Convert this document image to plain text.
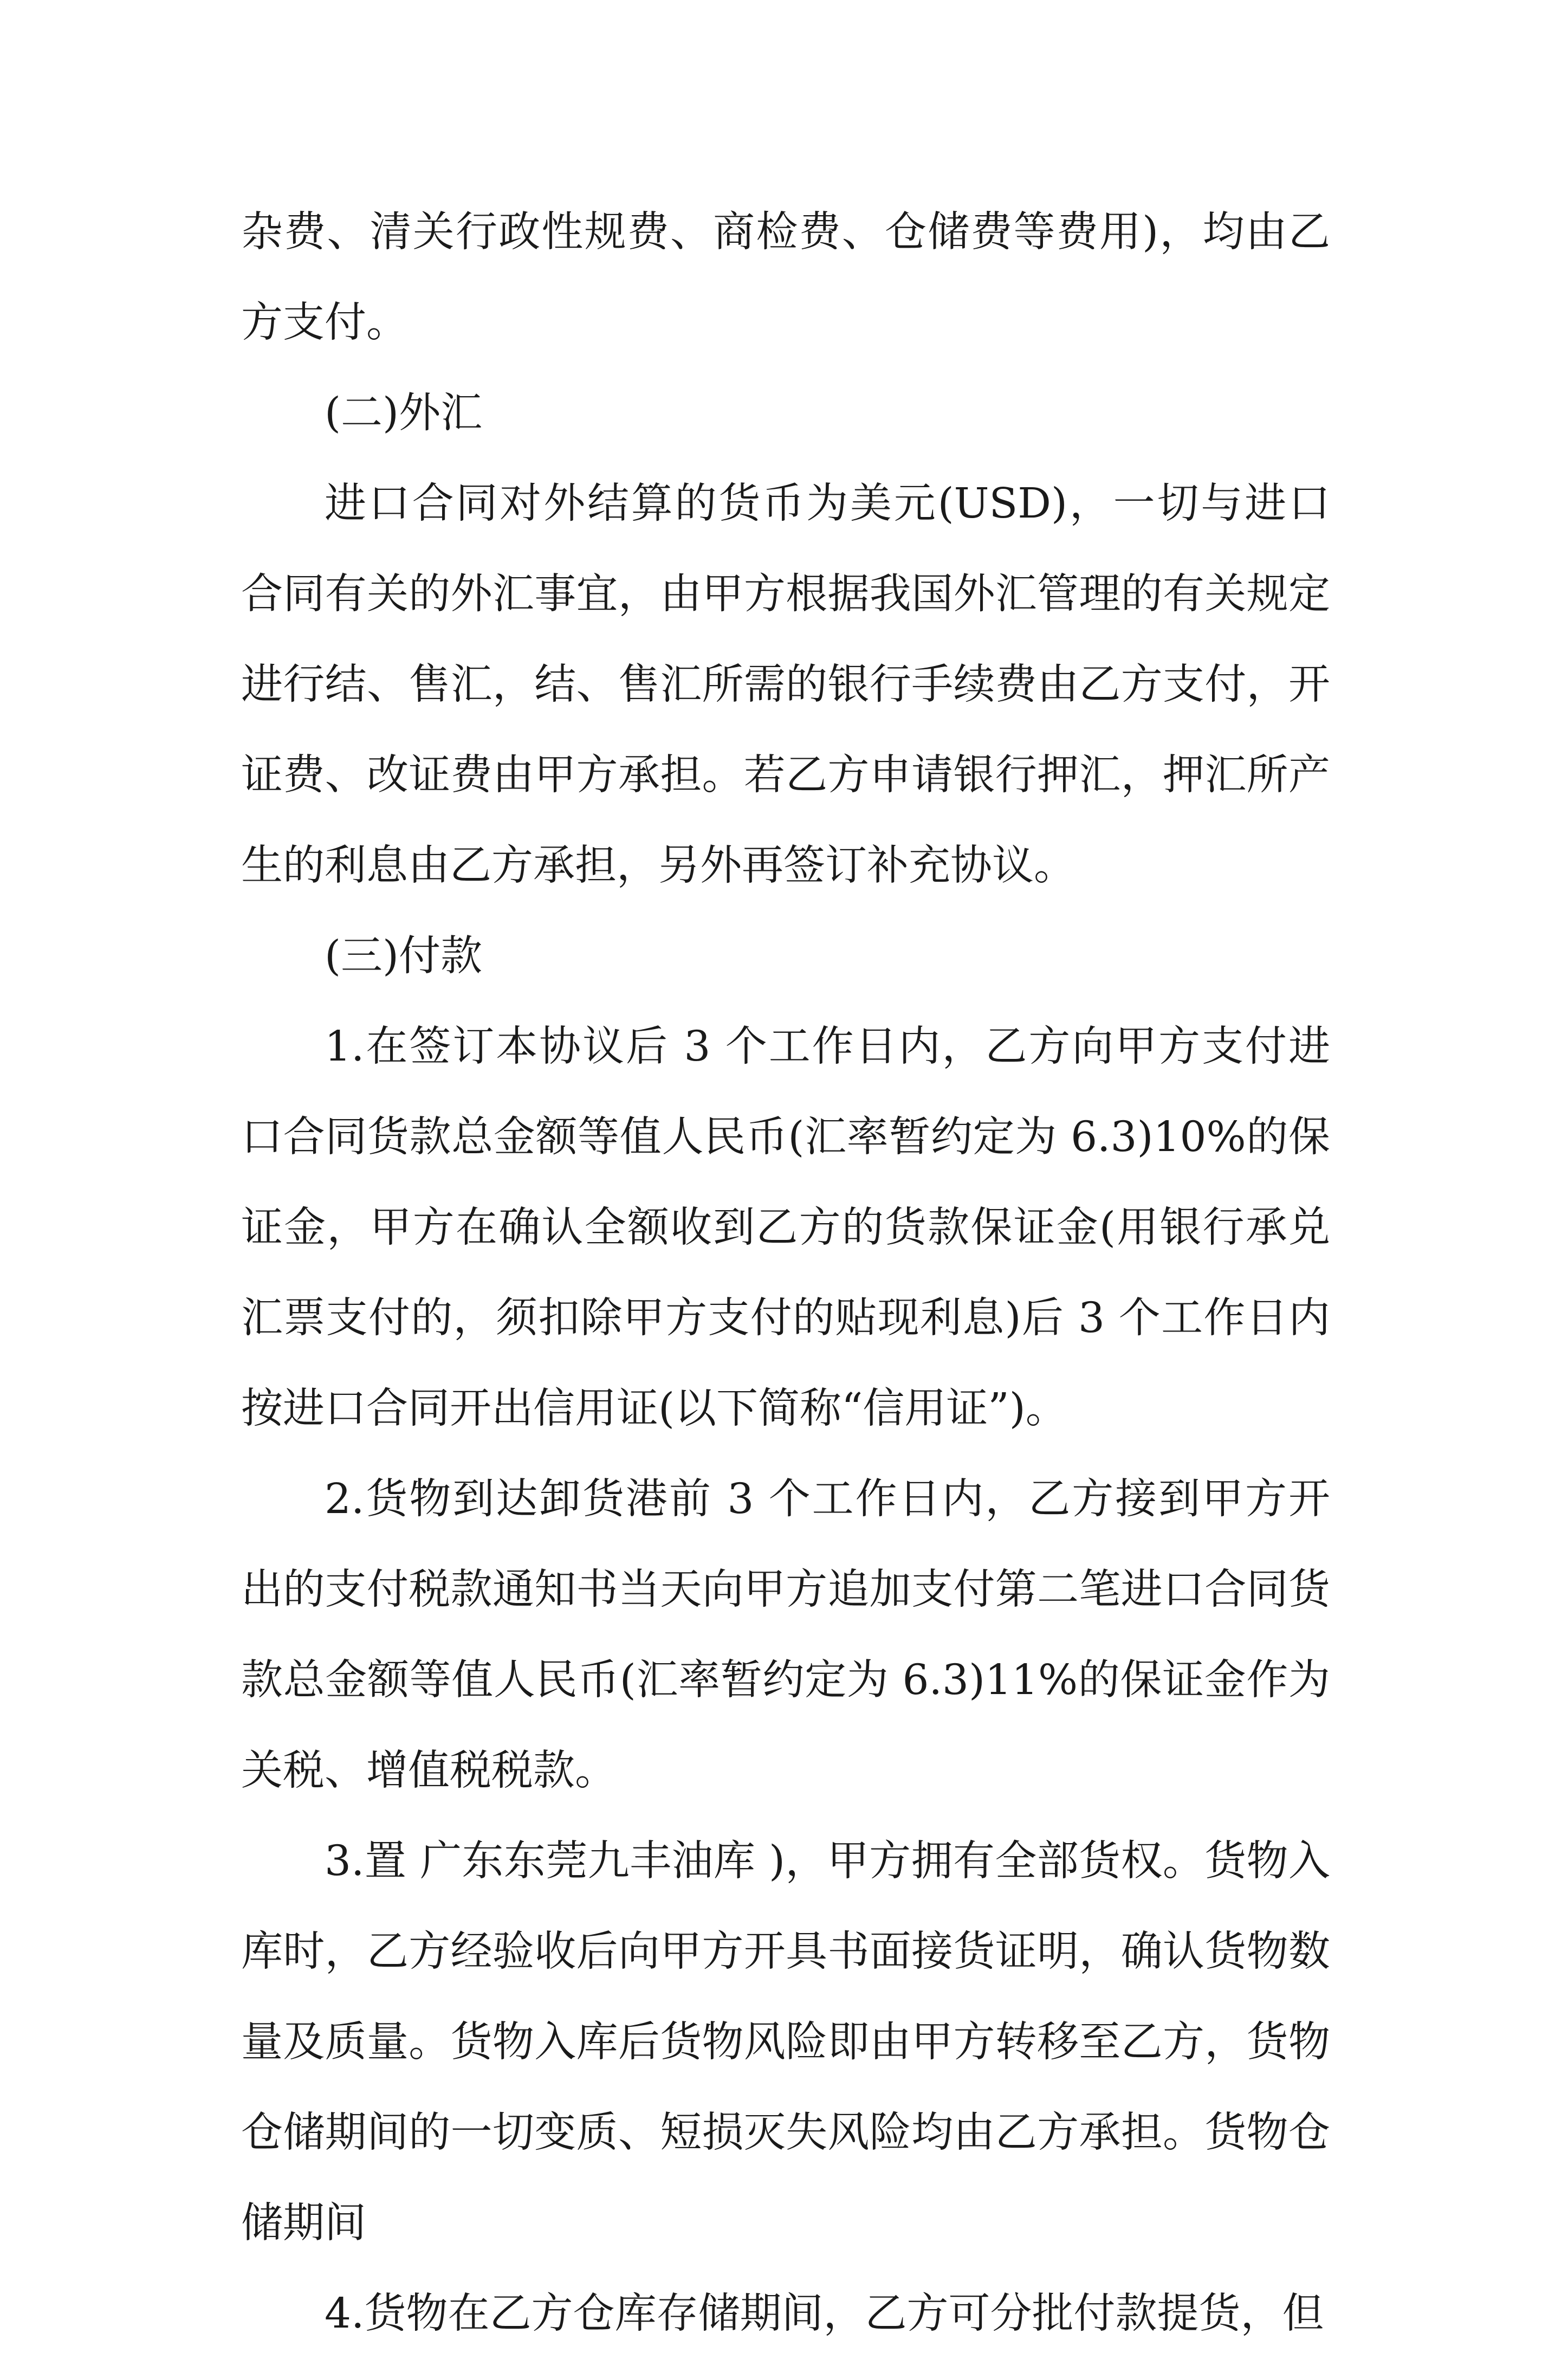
杂费、清关行政性规费、商检费、仓储费等费用)，均由乙方支付。

(二)外汇

进口合同对外结算的货币为美元(USD)，一切与进口合同有关的外汇事宜，由甲方根据我国外汇管理的有关规定进行结、售汇，结、售汇所需的银行手续费由乙方支付，开证费、改证费由甲方承担。若乙方申请银行押汇，押汇所产生的利息由乙方承担，另外再签订补充协议。

(三)付款

1.在签订本协议后 3 个工作日内，乙方向甲方支付进口合同货款总金额等值人民币(汇率暂约定为 6.3)10%的保证金，甲方在确认全额收到乙方的货款保证金(用银行承兑汇票支付的，须扣除甲方支付的贴现利息)后 3 个工作日内按进口合同开出信用证(以下简称“信用证”)。

2.货物到达卸货港前 3 个工作日内，乙方接到甲方开出的支付税款通知书当天向甲方追加支付第二笔进口合同货款总金额等值人民币(汇率暂约定为 6.3)11%的保证金作为关税、增值税税款。

3.置 广东东莞九丰油库 )，甲方拥有全部货权。货物入库时，乙方经验收后向甲方开具书面接货证明，确认货物数量及质量。货物入库后货物风险即由甲方转移至乙方，货物仓储期间的一切变质、短损灭失风险均由乙方承担。货物仓储期间

4.货物在乙方仓库存储期间，乙方可分批付款提货，但
